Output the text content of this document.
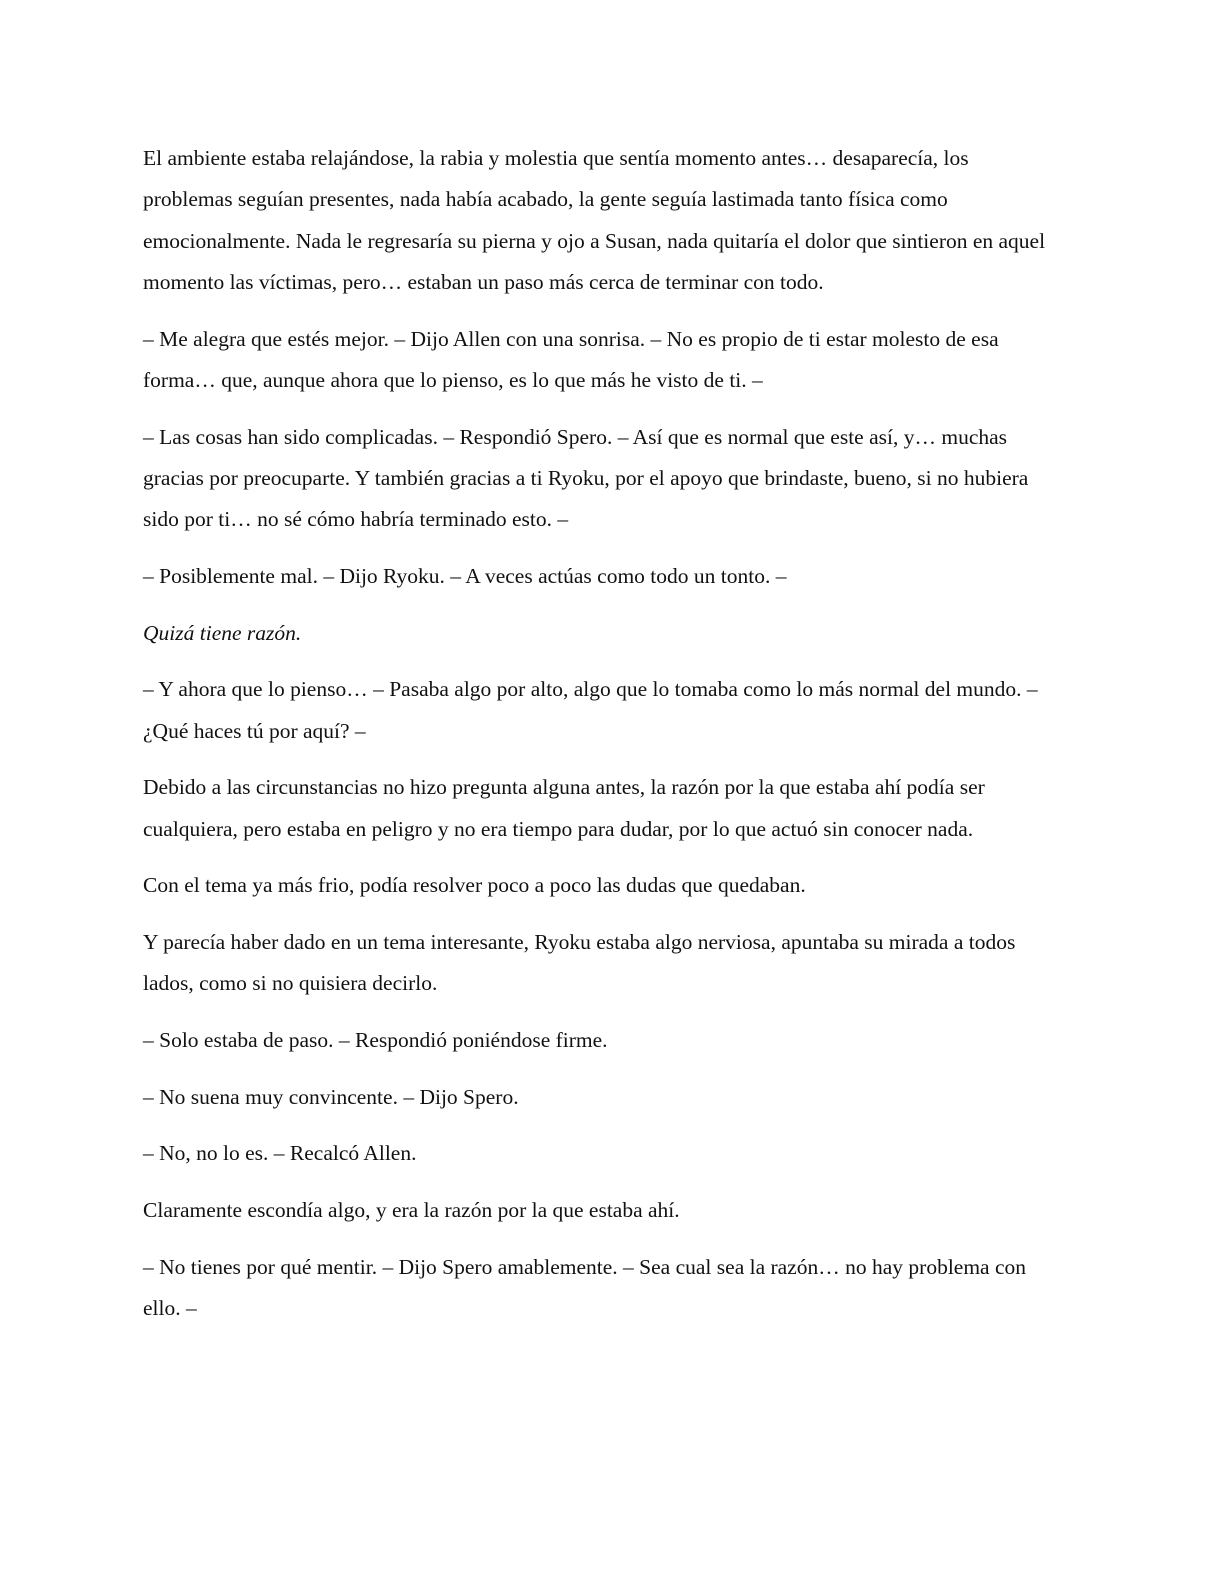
El ambiente estaba relajándose, la rabia y molestia que sentía momento antes… desaparecía, los problemas seguían presentes, nada había acabado, la gente seguía lastimada tanto física como emocionalmente. Nada le regresaría su pierna y ojo a Susan, nada quitaría el dolor que sintieron en aquel momento las víctimas, pero… estaban un paso más cerca de terminar con todo.

– Me alegra que estés mejor. – Dijo Allen con una sonrisa. – No es propio de ti estar molesto de esa forma… que, aunque ahora que lo pienso, es lo que más he visto de ti. –

– Las cosas han sido complicadas. – Respondió Spero. – Así que es normal que este así, y… muchas gracias por preocuparte. Y también gracias a ti Ryoku, por el apoyo que brindaste, bueno, si no hubiera sido por ti… no sé cómo habría terminado esto. –

– Posiblemente mal. – Dijo Ryoku. – A veces actúas como todo un tonto. –

Quizá tiene razón.

– Y ahora que lo pienso… – Pasaba algo por alto, algo que lo tomaba como lo más normal del mundo. – ¿Qué haces tú por aquí? –

Debido a las circunstancias no hizo pregunta alguna antes, la razón por la que estaba ahí podía ser cualquiera, pero estaba en peligro y no era tiempo para dudar, por lo que actuó sin conocer nada.

Con el tema ya más frio, podía resolver poco a poco las dudas que quedaban.

Y parecía haber dado en un tema interesante, Ryoku estaba algo nerviosa, apuntaba su mirada a todos lados, como si no quisiera decirlo.

– Solo estaba de paso. – Respondió poniéndose firme.

– No suena muy convincente. – Dijo Spero.

– No, no lo es. – Recalcó Allen.

Claramente escondía algo, y era la razón por la que estaba ahí.

– No tienes por qué mentir. – Dijo Spero amablemente. – Sea cual sea la razón… no hay problema con ello. –
